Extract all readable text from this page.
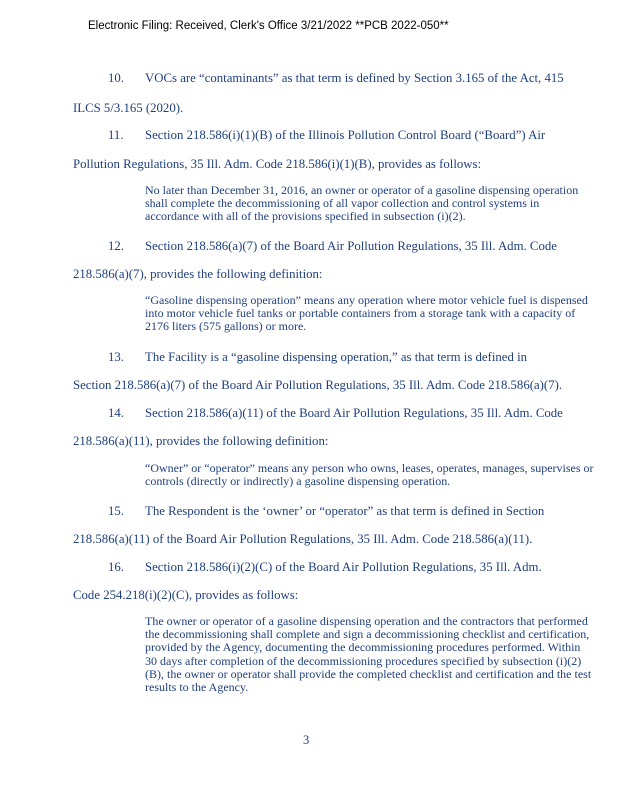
Electronic Filing: Received, Clerk's Office 3/21/2022 **PCB 2022-050**
10. VOCs are “contaminants” as that term is defined by Section 3.165 of the Act, 415
ILCS 5/3.165 (2020).
11. Section 218.586(i)(1)(B) of the Illinois Pollution Control Board (“Board”) Air
Pollution Regulations, 35 Ill. Adm. Code 218.586(i)(1)(B), provides as follows:
No later than December 31, 2016, an owner or operator of a gasoline dispensing operation shall complete the decommissioning of all vapor collection and control systems in accordance with all of the provisions specified in subsection (i)(2).
12. Section 218.586(a)(7) of the Board Air Pollution Regulations, 35 Ill. Adm. Code
218.586(a)(7), provides the following definition:
“Gasoline dispensing operation” means any operation where motor vehicle fuel is dispensed into motor vehicle fuel tanks or portable containers from a storage tank with a capacity of 2176 liters (575 gallons) or more.
13. The Facility is a “gasoline dispensing operation,” as that term is defined in
Section 218.586(a)(7) of the Board Air Pollution Regulations, 35 Ill. Adm. Code 218.586(a)(7).
14. Section 218.586(a)(11) of the Board Air Pollution Regulations, 35 Ill. Adm. Code
218.586(a)(11), provides the following definition:
“Owner” or “operator” means any person who owns, leases, operates, manages, supervises or controls (directly or indirectly) a gasoline dispensing operation.
15. The Respondent is the ‘owner’ or “operator” as that term is defined in Section
218.586(a)(11) of the Board Air Pollution Regulations, 35 Ill. Adm. Code 218.586(a)(11).
16. Section 218.586(i)(2)(C) of the Board Air Pollution Regulations, 35 Ill. Adm.
Code 254.218(i)(2)(C), provides as follows:
The owner or operator of a gasoline dispensing operation and the contractors that performed the decommissioning shall complete and sign a decommissioning checklist and certification, provided by the Agency, documenting the decommissioning procedures performed. Within 30 days after completion of the decommissioning procedures specified by subsection (i)(2)(B), the owner or operator shall provide the completed checklist and certification and the test results to the Agency.
3
